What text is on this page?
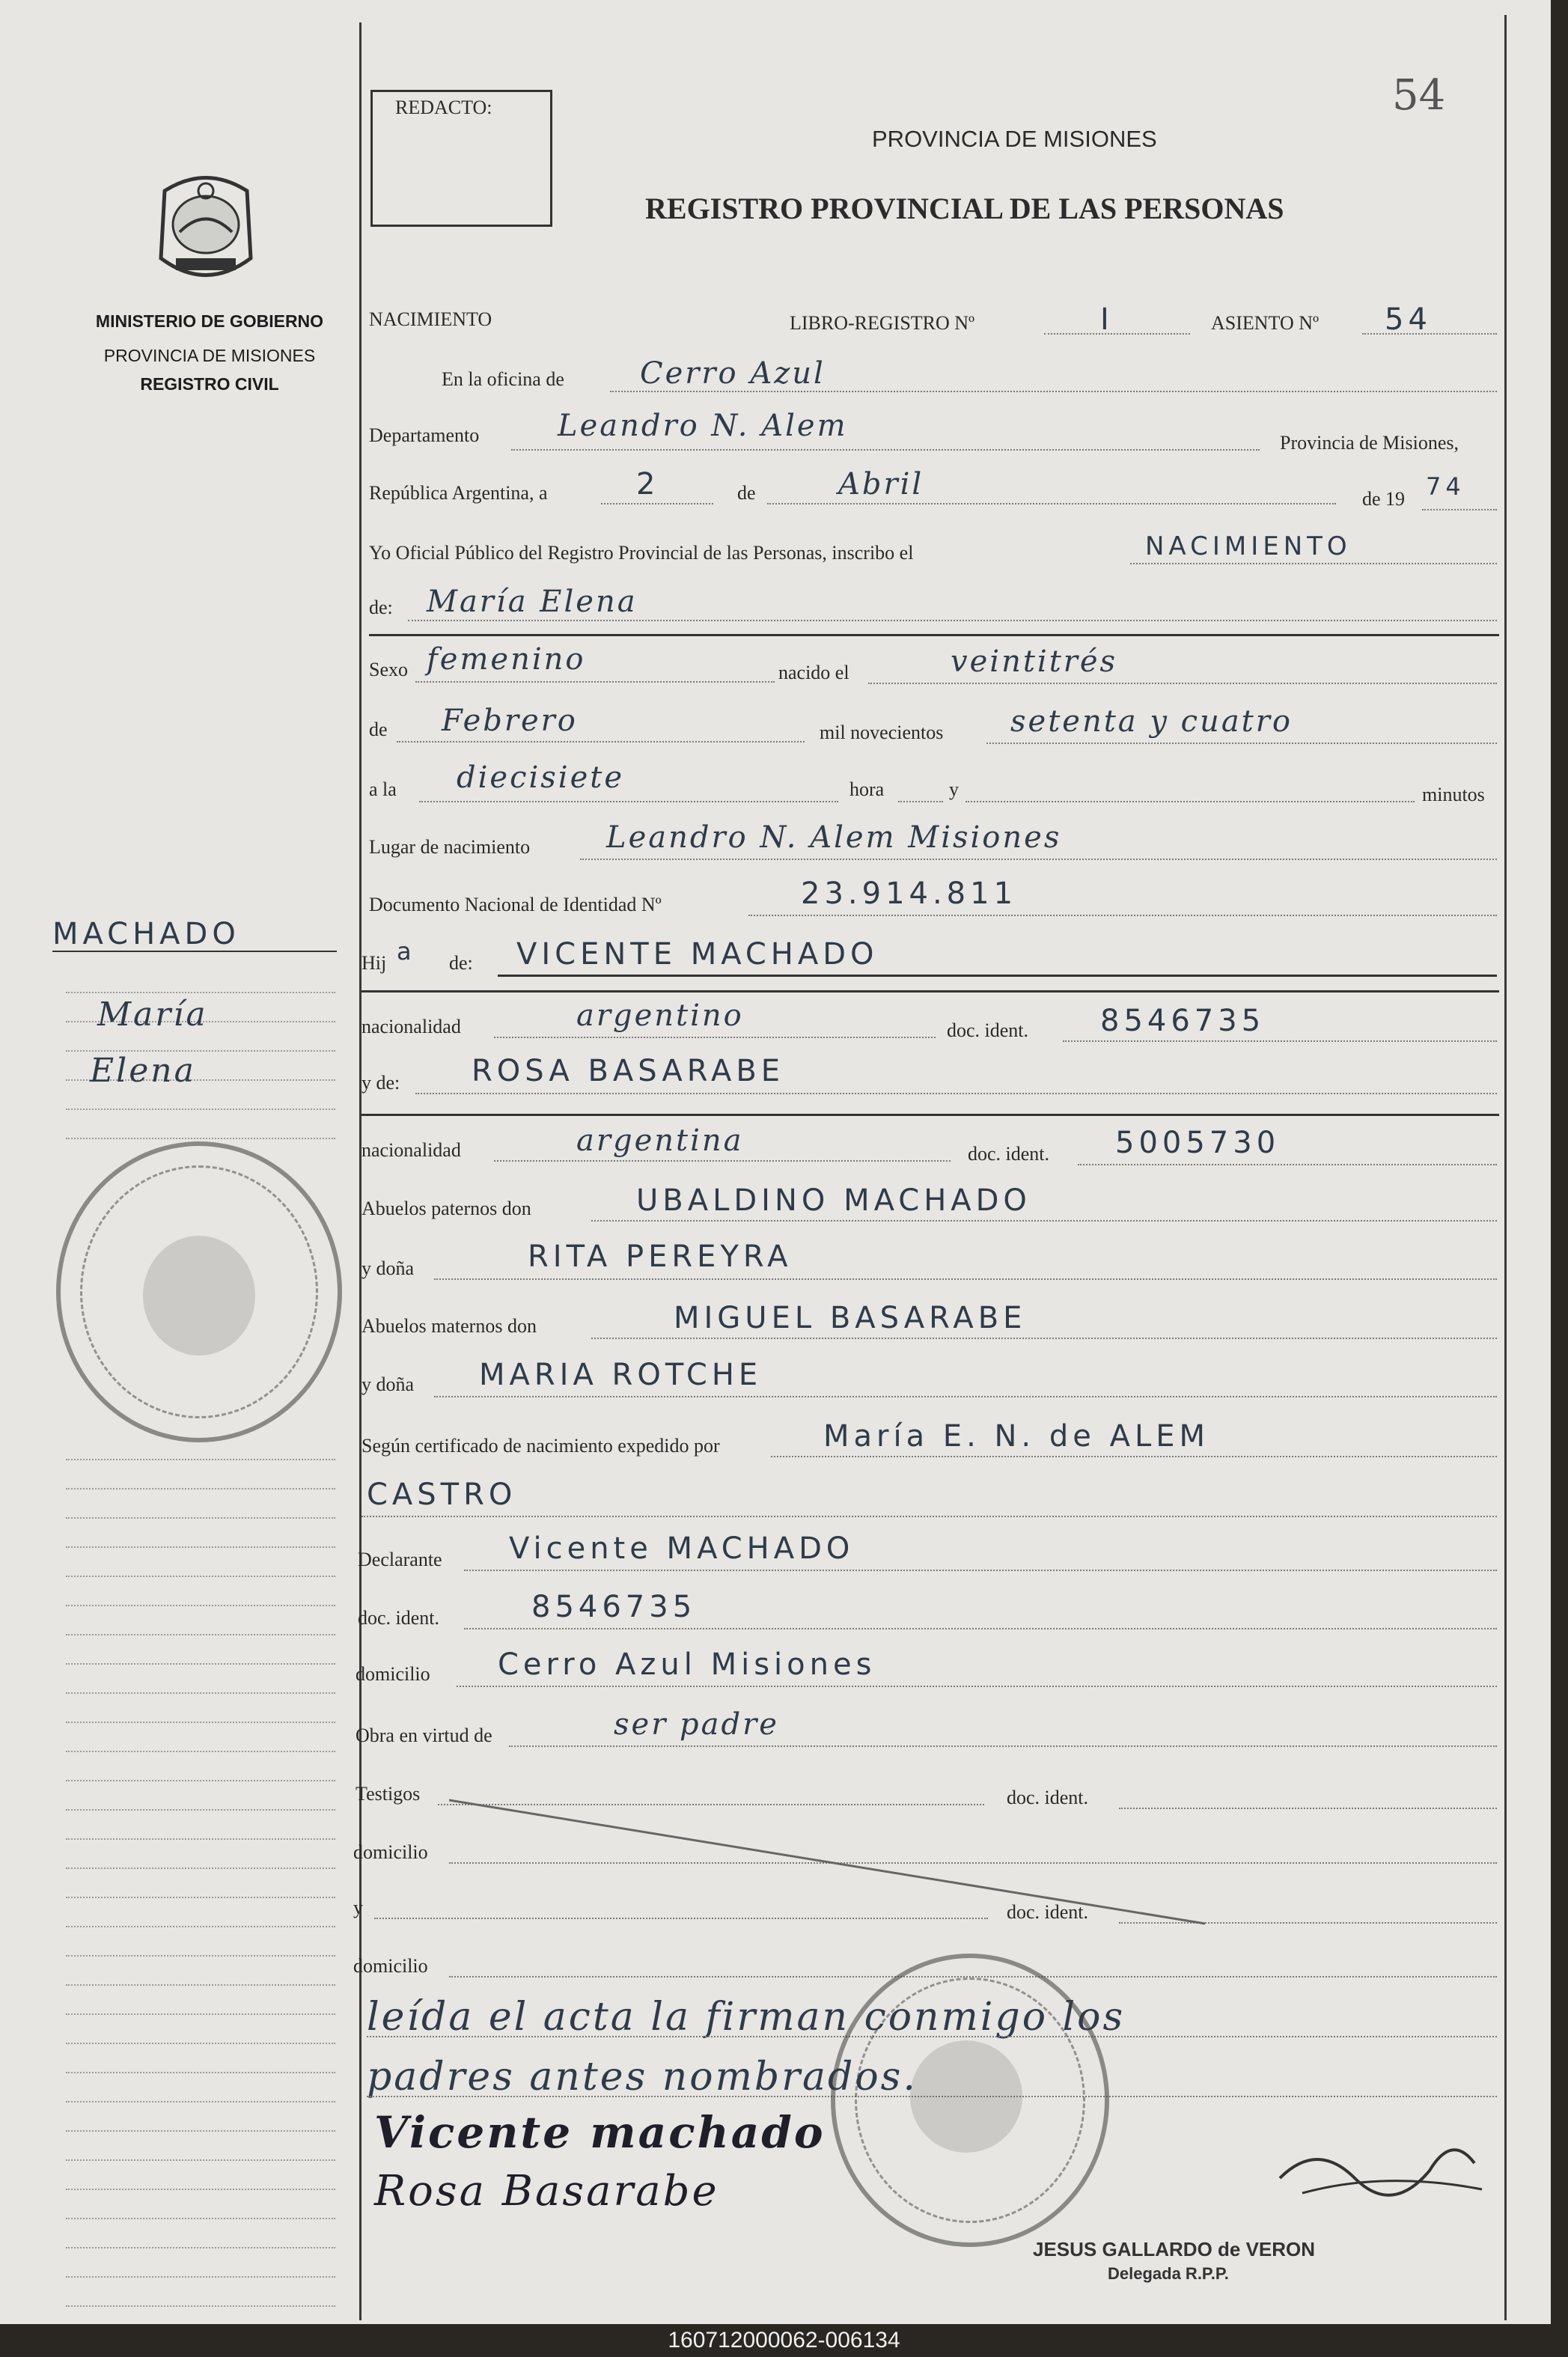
MINISTERIO DE GOBIERNO
PROVINCIA DE MISIONES
REGISTRO CIVIL
MACHADO
María
Elena
REDACTO:	54
PROVINCIA DE MISIONES
REGISTRO PROVINCIAL DE LAS PERSONAS
NACIMIENTO	LIBRO-REGISTRO Nº	I	ASIENTO Nº 54
En la oficina de	Cerro Azul
Departamento	Leandro N. Alem	Provincia de Misiones,
República Argentina, a	2	de	Abril	de 19 74
Yo Oficial Público del Registro Provincial de las Personas, inscribo el	NACIMIENTO
de: María Elena
Sexo femenino	nacido el	veintitrés
de Febrero	mil novecientos setenta y cuatro
a la diecisiete	hora	y	minutos
Lugar de nacimiento	Leandro N. Alem Misiones
Documento Nacional de Identidad Nº	23.914.811
Hij a de: VICENTE MACHADO
nacionalidad	argentino	doc. ident. 8546735
y de: ROSA BASARABE
nacionalidad	argentina	doc. ident. 5005730
Abuelos paternos don	UBALDINO MACHADO
y doña	RITA PEREYRA
Abuelos maternos don	MIGUEL BASARABE
y doña MARIA ROTCHE
Según certificado de nacimiento expedido por	María E. N. de ALEM
CASTRO
Declarante Vicente MACHADO
doc. ident.	8546735
domicilio Cerro Azul Misiones
Obra en virtud de	ser padre
Testigos	doc. ident.
domicilio
y	doc. ident.
domicilio
leída el acta la firman conmigo los
padres antes nombrados.
Vicente machado
Rosa Basarabe
JESUS GALLARDO de VERON
Delegada R.P.P.
160712000062-006134
